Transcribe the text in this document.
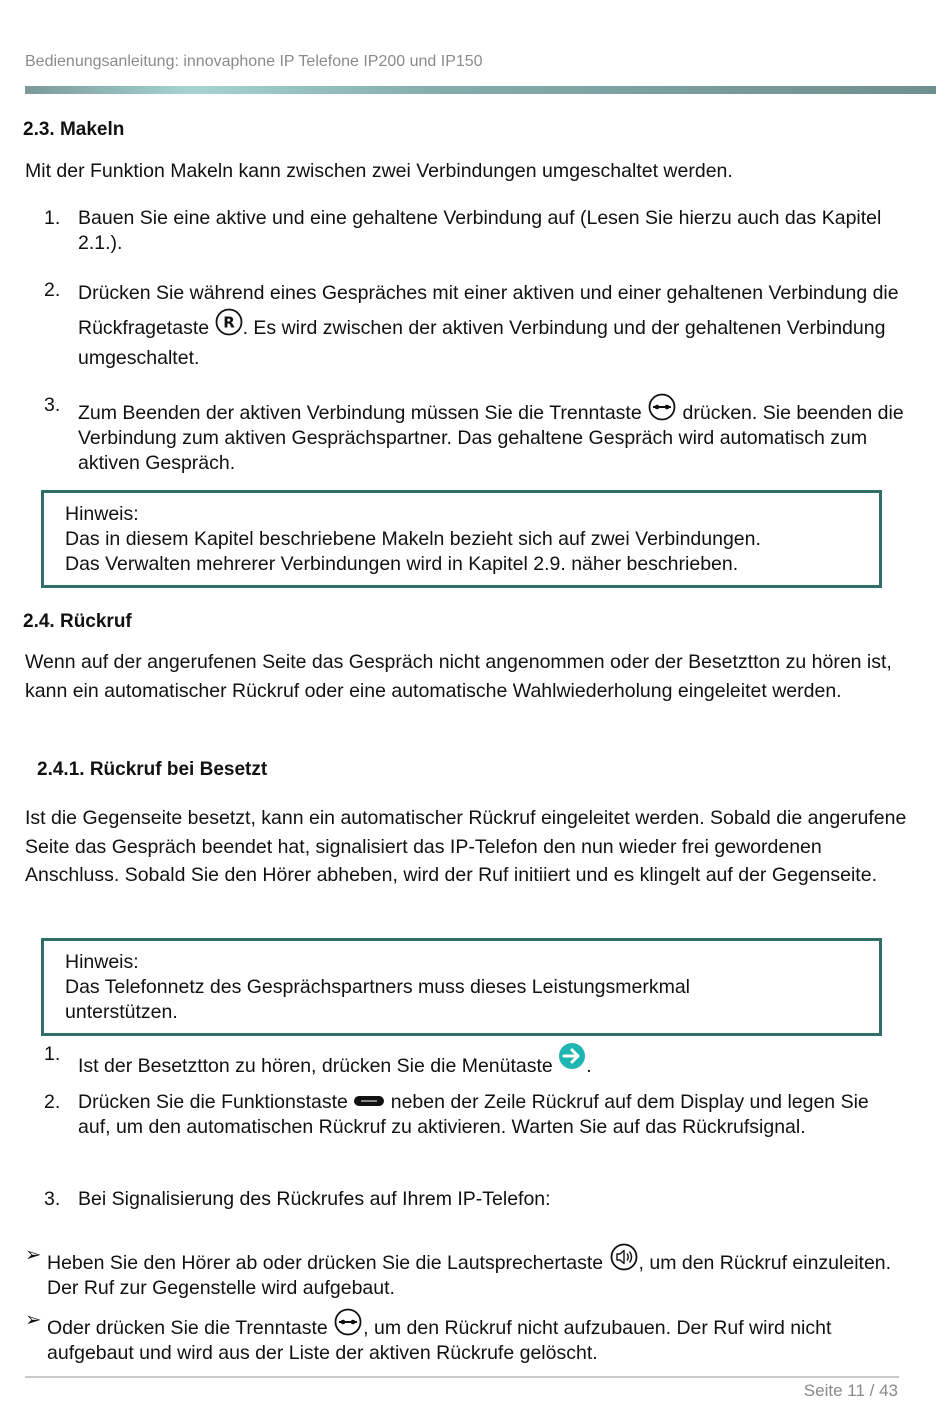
Bedienungsanleitung: innovaphone IP Telefone IP200 und IP150
2.3. Makeln
Mit der Funktion Makeln kann zwischen zwei Verbindungen umgeschaltet werden.
1. Bauen Sie eine aktive und eine gehaltene Verbindung auf (Lesen Sie hierzu auch das Kapitel 2.1.).
2. Drücken Sie während eines Gespräches mit einer aktiven und einer gehaltenen Verbindung die Rückfragetaste R . Es wird zwischen der aktiven Verbindung und der gehaltenen Verbindung umgeschaltet.
3. Zum Beenden der aktiven Verbindung müssen Sie die Trenntaste
drücken. Sie beenden die Verbindung zum aktiven Gesprächspartner. Das gehaltene Gespräch wird automatisch zum aktiven Gespräch.
Hinweis:
Das in diesem Kapitel beschriebene Makeln bezieht sich auf zwei Verbindungen.
Das Verwalten mehrerer Verbindungen wird in Kapitel 2.9. näher beschrieben.
2.4. Rückruf
Wenn auf der angerufenen Seite das Gespräch nicht angenommen oder der Besetztton zu hören ist, kann ein automatischer Rückruf oder eine automatische Wahlwiederholung eingeleitet werden.
2.4.1. Rückruf bei Besetzt
Ist die Gegenseite besetzt, kann ein automatischer Rückruf eingeleitet werden. Sobald die angerufene Seite das Gespräch beendet hat, signalisiert das IP-Telefon den nun wieder frei gewordenen Anschluss. Sobald Sie den Hörer abheben, wird der Ruf initiiert und es klingelt auf der Gegenseite.
Hinweis:
Das Telefonnetz des Gesprächspartners muss dieses Leistungsmerkmal
unterstützen.
1.
Ist der Besetztton zu hören, drücken Sie die Menütaste
.
2. Drücken Sie die Funktionstaste
neben der Zeile Rückruf auf dem Display und legen Sie auf, um den automatischen Rückruf zu aktivieren. Warten Sie auf das Rückrufsignal.
3. Bei Signalisierung des Rückrufes auf Ihrem IP-Telefon:
➢ Heben Sie den Hörer ab oder drücken Sie die Lautsprechertaste
, um den Rückruf einzuleiten. Der Ruf zur Gegenstelle wird aufgebaut.
➢ Oder drücken Sie die Trenntaste
, um den Rückruf nicht aufzubauen. Der Ruf wird nicht aufgebaut und wird aus der Liste der aktiven Rückrufe gelöscht.
Seite 11 / 43
